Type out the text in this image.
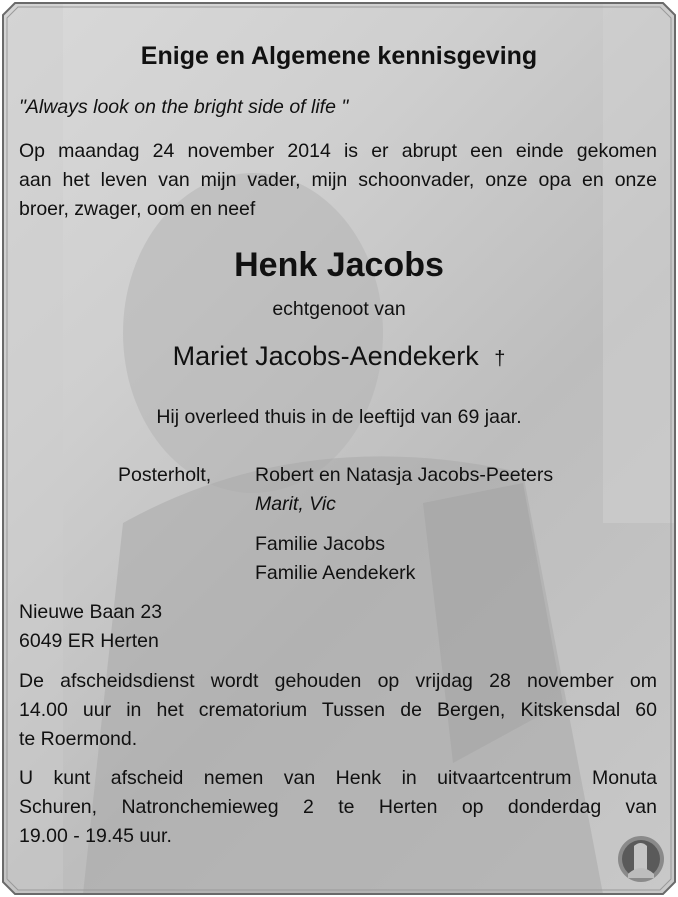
Enige en Algemene kennisgeving
"Always look on the bright side of life "
Op maandag 24 november 2014 is er abrupt een einde gekomen
aan het leven van mijn vader, mijn schoonvader, onze opa en onze
broer, zwager, oom en neef
Henk Jacobs
echtgenoot van
Mariet Jacobs-Aendekerk †
Hij overleed thuis in de leeftijd van 69 jaar.
Posterholt, Robert en Natasja Jacobs-Peeters
Marit, Vic
Familie Jacobs
Familie Aendekerk
Nieuwe Baan 23
6049 ER Herten
De afscheidsdienst wordt gehouden op vrijdag 28 november om
14.00 uur in het crematorium Tussen de Bergen, Kitskensdal 60
te Roermond.
U kunt afscheid nemen van Henk in uitvaartcentrum Monuta
Schuren, Natronchemieweg 2 te Herten op donderdag van
19.00 - 19.45 uur.
